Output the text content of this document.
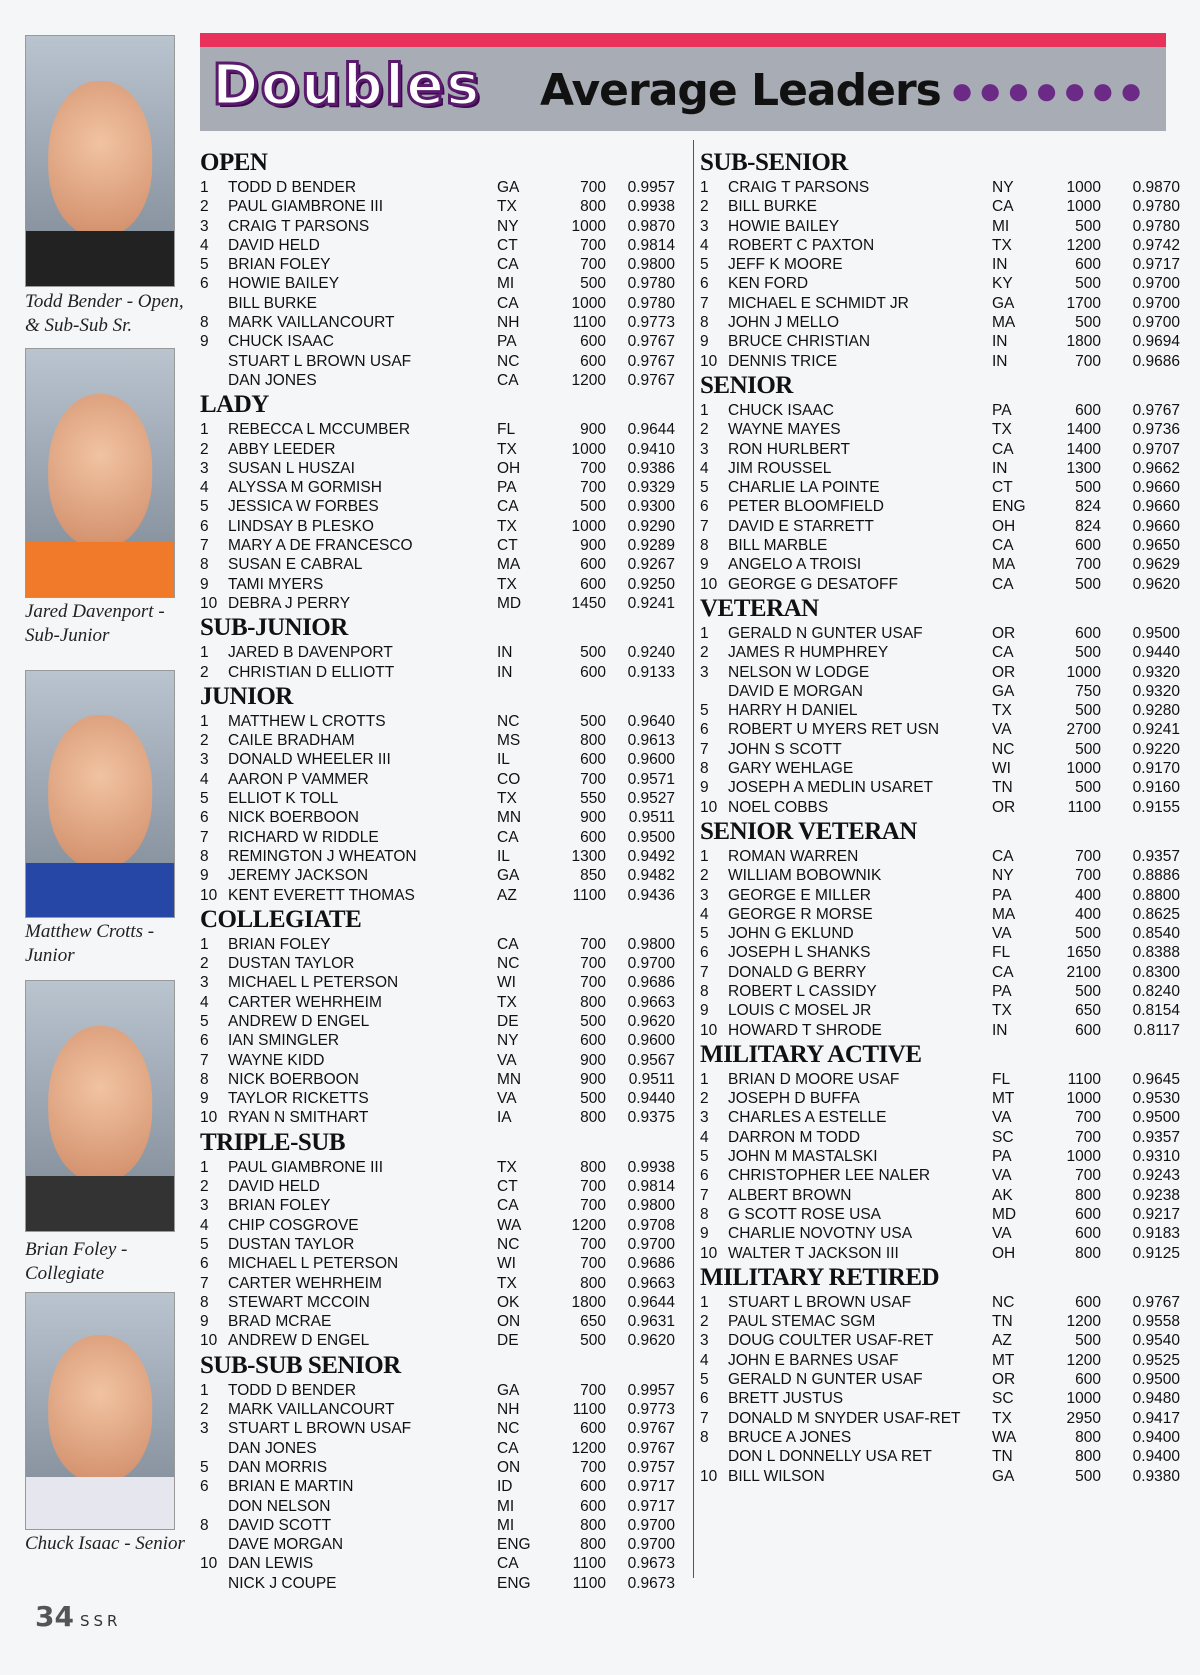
Todd Bender - Open, & Sub-Sub Sr.
Jared Davenport - Sub-Junior
Matthew Crotts - Junior
Brian Foley - Collegiate
Chuck Isaac - Senior
Doubles Average Leaders ●●●●●●●
OPEN
1	TODD D BENDER	GA	700	0.9957
2	PAUL GIAMBRONE III	TX	800	0.9938
3	CRAIG T PARSONS	NY	1000	0.9870
4	DAVID HELD	CT	700	0.9814
5	BRIAN FOLEY	CA	700	0.9800
6	HOWIE BAILEY	MI	500	0.9780
BILL BURKE	CA	1000	0.9780
8	MARK VAILLANCOURT	NH	1100	0.9773
9	CHUCK ISAAC	PA	600	0.9767
STUART L BROWN USAF	NC	600	0.9767
DAN JONES	CA	1200	0.9767
LADY
1	REBECCA L MCCUMBER	FL	900	0.9644
2	ABBY LEEDER	TX	1000	0.9410
3	SUSAN L HUSZAI	OH	700	0.9386
4	ALYSSA M GORMISH	PA	700	0.9329
5	JESSICA W FORBES	CA	500	0.9300
6	LINDSAY B PLESKO	TX	1000	0.9290
7	MARY A DE FRANCESCO	CT	900	0.9289
8	SUSAN E CABRAL	MA	600	0.9267
9	TAMI MYERS	TX	600	0.9250
10 DEBRA J PERRY	MD	1450	0.9241
SUB-JUNIOR
1	JARED B DAVENPORT	IN	500	0.9240
2	CHRISTIAN D ELLIOTT	IN	600	0.9133
JUNIOR
1	MATTHEW L CROTTS	NC	500	0.9640
2	CAILE BRADHAM	MS	800	0.9613
3	DONALD WHEELER III	IL	600	0.9600
4	AARON P VAMMER	CO	700	0.9571
5	ELLIOT K TOLL	TX	550	0.9527
6	NICK BOERBOON	MN	900	0.9511
7	RICHARD W RIDDLE	CA	600	0.9500
8	REMINGTON J WHEATON	IL	1300	0.9492
9	JEREMY JACKSON	GA	850	0.9482
10 KENT EVERETT THOMAS	AZ	1100	0.9436
COLLEGIATE
1	BRIAN FOLEY	CA	700	0.9800
2	DUSTAN TAYLOR	NC	700	0.9700
3	MICHAEL L PETERSON	WI	700	0.9686
4	CARTER WEHRHEIM	TX	800	0.9663
5	ANDREW D ENGEL	DE	500	0.9620
6	IAN SMINGLER	NY	600	0.9600
7	WAYNE KIDD	VA	900	0.9567
8	NICK BOERBOON	MN	900	0.9511
9	TAYLOR RICKETTS	VA	500	0.9440
10 RYAN N SMITHART	IA	800	0.9375
TRIPLE-SUB
1	PAUL GIAMBRONE III	TX	800	0.9938
2	DAVID HELD	CT	700	0.9814
3	BRIAN FOLEY	CA	700	0.9800
4	CHIP COSGROVE	WA	1200	0.9708
5	DUSTAN TAYLOR	NC	700	0.9700
6	MICHAEL L PETERSON	WI	700	0.9686
7	CARTER WEHRHEIM	TX	800	0.9663
8	STEWART MCCOIN	OK	1800	0.9644
9	BRAD MCRAE	ON	650	0.9631
10 ANDREW D ENGEL	DE	500	0.9620
SUB-SUB SENIOR
1	TODD D BENDER	GA	700	0.9957
2	MARK VAILLANCOURT	NH	1100	0.9773
3	STUART L BROWN USAF	NC	600	0.9767
DAN JONES	CA	1200	0.9767
5	DAN MORRIS	ON	700	0.9757
6	BRIAN E MARTIN	ID	600	0.9717
DON NELSON	MI	600	0.9717
8	DAVID SCOTT	MI	800	0.9700
DAVE MORGAN	ENG	800	0.9700
10 DAN LEWIS	CA	1100	0.9673
NICK J COUPE	ENG	1100	0.9673
SUB-SENIOR
1	CRAIG T PARSONS	NY	1000	0.9870
2	BILL BURKE	CA	1000	0.9780
3	HOWIE BAILEY	MI	500	0.9780
4	ROBERT C PAXTON	TX	1200	0.9742
5	JEFF K MOORE	IN	600	0.9717
6	KEN FORD	KY	500	0.9700
7	MICHAEL E SCHMIDT JR	GA	1700	0.9700
8	JOHN J MELLO	MA	500	0.9700
9	BRUCE CHRISTIAN	IN	1800	0.9694
10 DENNIS TRICE	IN	700	0.9686
SENIOR
1	CHUCK ISAAC	PA	600	0.9767
2	WAYNE MAYES	TX	1400	0.9736
3	RON HURLBERT	CA	1400	0.9707
4	JIM ROUSSEL	IN	1300	0.9662
5	CHARLIE LA POINTE	CT	500	0.9660
6	PETER BLOOMFIELD	ENG	824	0.9660
7	DAVID E STARRETT	OH	824	0.9660
8	BILL MARBLE	CA	600	0.9650
9	ANGELO A TROISI	MA	700	0.9629
10 GEORGE G DESATOFF	CA	500	0.9620
VETERAN
1	GERALD N GUNTER USAF	OR	600	0.9500
2	JAMES R HUMPHREY	CA	500	0.9440
3	NELSON W LODGE	OR	1000	0.9320
DAVID E MORGAN	GA	750	0.9320
5	HARRY H DANIEL	TX	500	0.9280
6	ROBERT U MYERS RET USN	VA	2700	0.9241
7	JOHN S SCOTT	NC	500	0.9220
8	GARY WEHLAGE	WI	1000	0.9170
9	JOSEPH A MEDLIN USARET	TN	500	0.9160
10 NOEL COBBS	OR	1100	0.9155
SENIOR VETERAN
1	ROMAN WARREN	CA	700	0.9357
2	WILLIAM BOBOWNIK	NY	700	0.8886
3	GEORGE E MILLER	PA	400	0.8800
4	GEORGE R MORSE	MA	400	0.8625
5	JOHN G EKLUND	VA	500	0.8540
6	JOSEPH L SHANKS	FL	1650	0.8388
7	DONALD G BERRY	CA	2100	0.8300
8	ROBERT L CASSIDY	PA	500	0.8240
9	LOUIS C MOSEL JR	TX	650	0.8154
10 HOWARD T SHRODE	IN	600	0.8117
MILITARY ACTIVE
1	BRIAN D MOORE USAF	FL	1100	0.9645
2	JOSEPH D BUFFA	MT	1000	0.9530
3	CHARLES A ESTELLE	VA	700	0.9500
4	DARRON M TODD	SC	700	0.9357
5	JOHN M MASTALSKI	PA	1000	0.9310
6	CHRISTOPHER LEE NALER	VA	700	0.9243
7	ALBERT BROWN	AK	800	0.9238
8	G SCOTT ROSE USA	MD	600	0.9217
9	CHARLIE NOVOTNY USA	VA	600	0.9183
10 WALTER T JACKSON III	OH	800	0.9125
MILITARY RETIRED
1	STUART L BROWN USAF	NC	600	0.9767
2	PAUL STEMAC SGM	TN	1200	0.9558
3	DOUG COULTER USAF-RET	AZ	500	0.9540
4	JOHN E BARNES USAF	MT	1200	0.9525
5	GERALD N GUNTER USAF	OR	600	0.9500
6	BRETT JUSTUS	SC	1000	0.9480
7	DONALD M SNYDER USAF-RET TX	2950	0.9417
8	BRUCE A JONES	WA	800	0.9400
DON L DONNELLY USA RET	TN	800	0.9400
10 BILL WILSON	GA	500	0.9380
34 SSR
